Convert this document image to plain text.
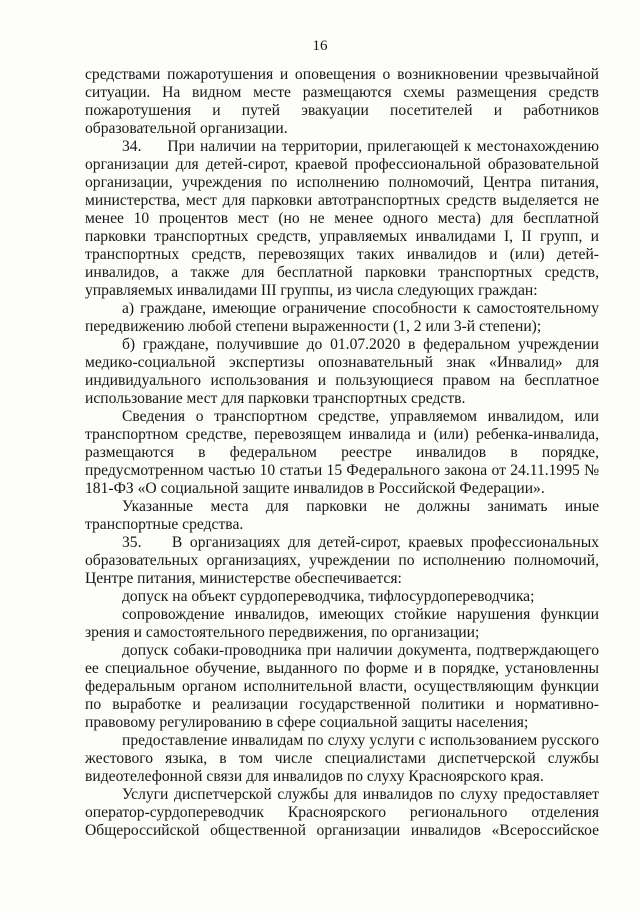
16

средствами пожаротушения и оповещения о возникновении чрезвычайной ситуации. На видном месте размещаются схемы размещения средств пожаротушения и путей эвакуации посетителей и работников образовательной организации.

34.     При наличии на территории, прилегающей к местонахождению организации для детей-сирот, краевой профессиональной образовательной организации, учреждения по исполнению полномочий, Центра питания, министерства, мест для парковки автотранспортных средств выделяется не менее 10 процентов мест (но не менее одного места) для бесплатной парковки транспортных средств, управляемых инвалидами I, II групп, и транспортных средств, перевозящих таких инвалидов и (или) детей-инвалидов, а также для бесплатной парковки транспортных средств, управляемых инвалидами III группы, из числа следующих граждан:

а) граждане, имеющие ограничение способности к самостоятельному передвижению любой степени выраженности (1, 2 или 3-й степени);

б) граждане, получившие до 01.07.2020 в федеральном учреждении медико-социальной экспертизы опознавательный знак «Инвалид» для индивидуального использования и пользующиеся правом на бесплатное использование мест для парковки транспортных средств.

Сведения о транспортном средстве, управляемом инвалидом, или транспортном средстве, перевозящем инвалида и (или) ребенка-инвалида, размещаются в федеральном реестре инвалидов в порядке, предусмотренном частью 10 статьи 15 Федерального закона от 24.11.1995 № 181-ФЗ «О социальной защите инвалидов в Российской Федерации».

Указанные места для парковки не должны занимать иные транспортные средства.

35.    В организациях для детей-сирот, краевых профессиональных образовательных организациях, учреждении по исполнению полномочий, Центре питания, министерстве обеспечивается:

допуск на объект сурдопереводчика, тифлосурдопереводчика;

сопровождение инвалидов, имеющих стойкие нарушения функции зрения и самостоятельного передвижения, по организации;

допуск собаки-проводника при наличии документа, подтверждающего ее специальное обучение, выданного по форме и в порядке, установленны федеральным органом исполнительной власти, осуществляющим функции по выработке и реализации государственной политики и нормативно-правовому регулированию в сфере социальной защиты населения;

предоставление инвалидам по слуху услуги с использованием русского жестового языка, в том числе специалистами диспетчерской службы видеотелефонной связи для инвалидов по слуху Красноярского края.

Услуги диспетчерской службы для инвалидов по слуху предоставляет оператор-сурдопереводчик Красноярского регионального отделения Общероссийской общественной организации инвалидов «Всероссийское
